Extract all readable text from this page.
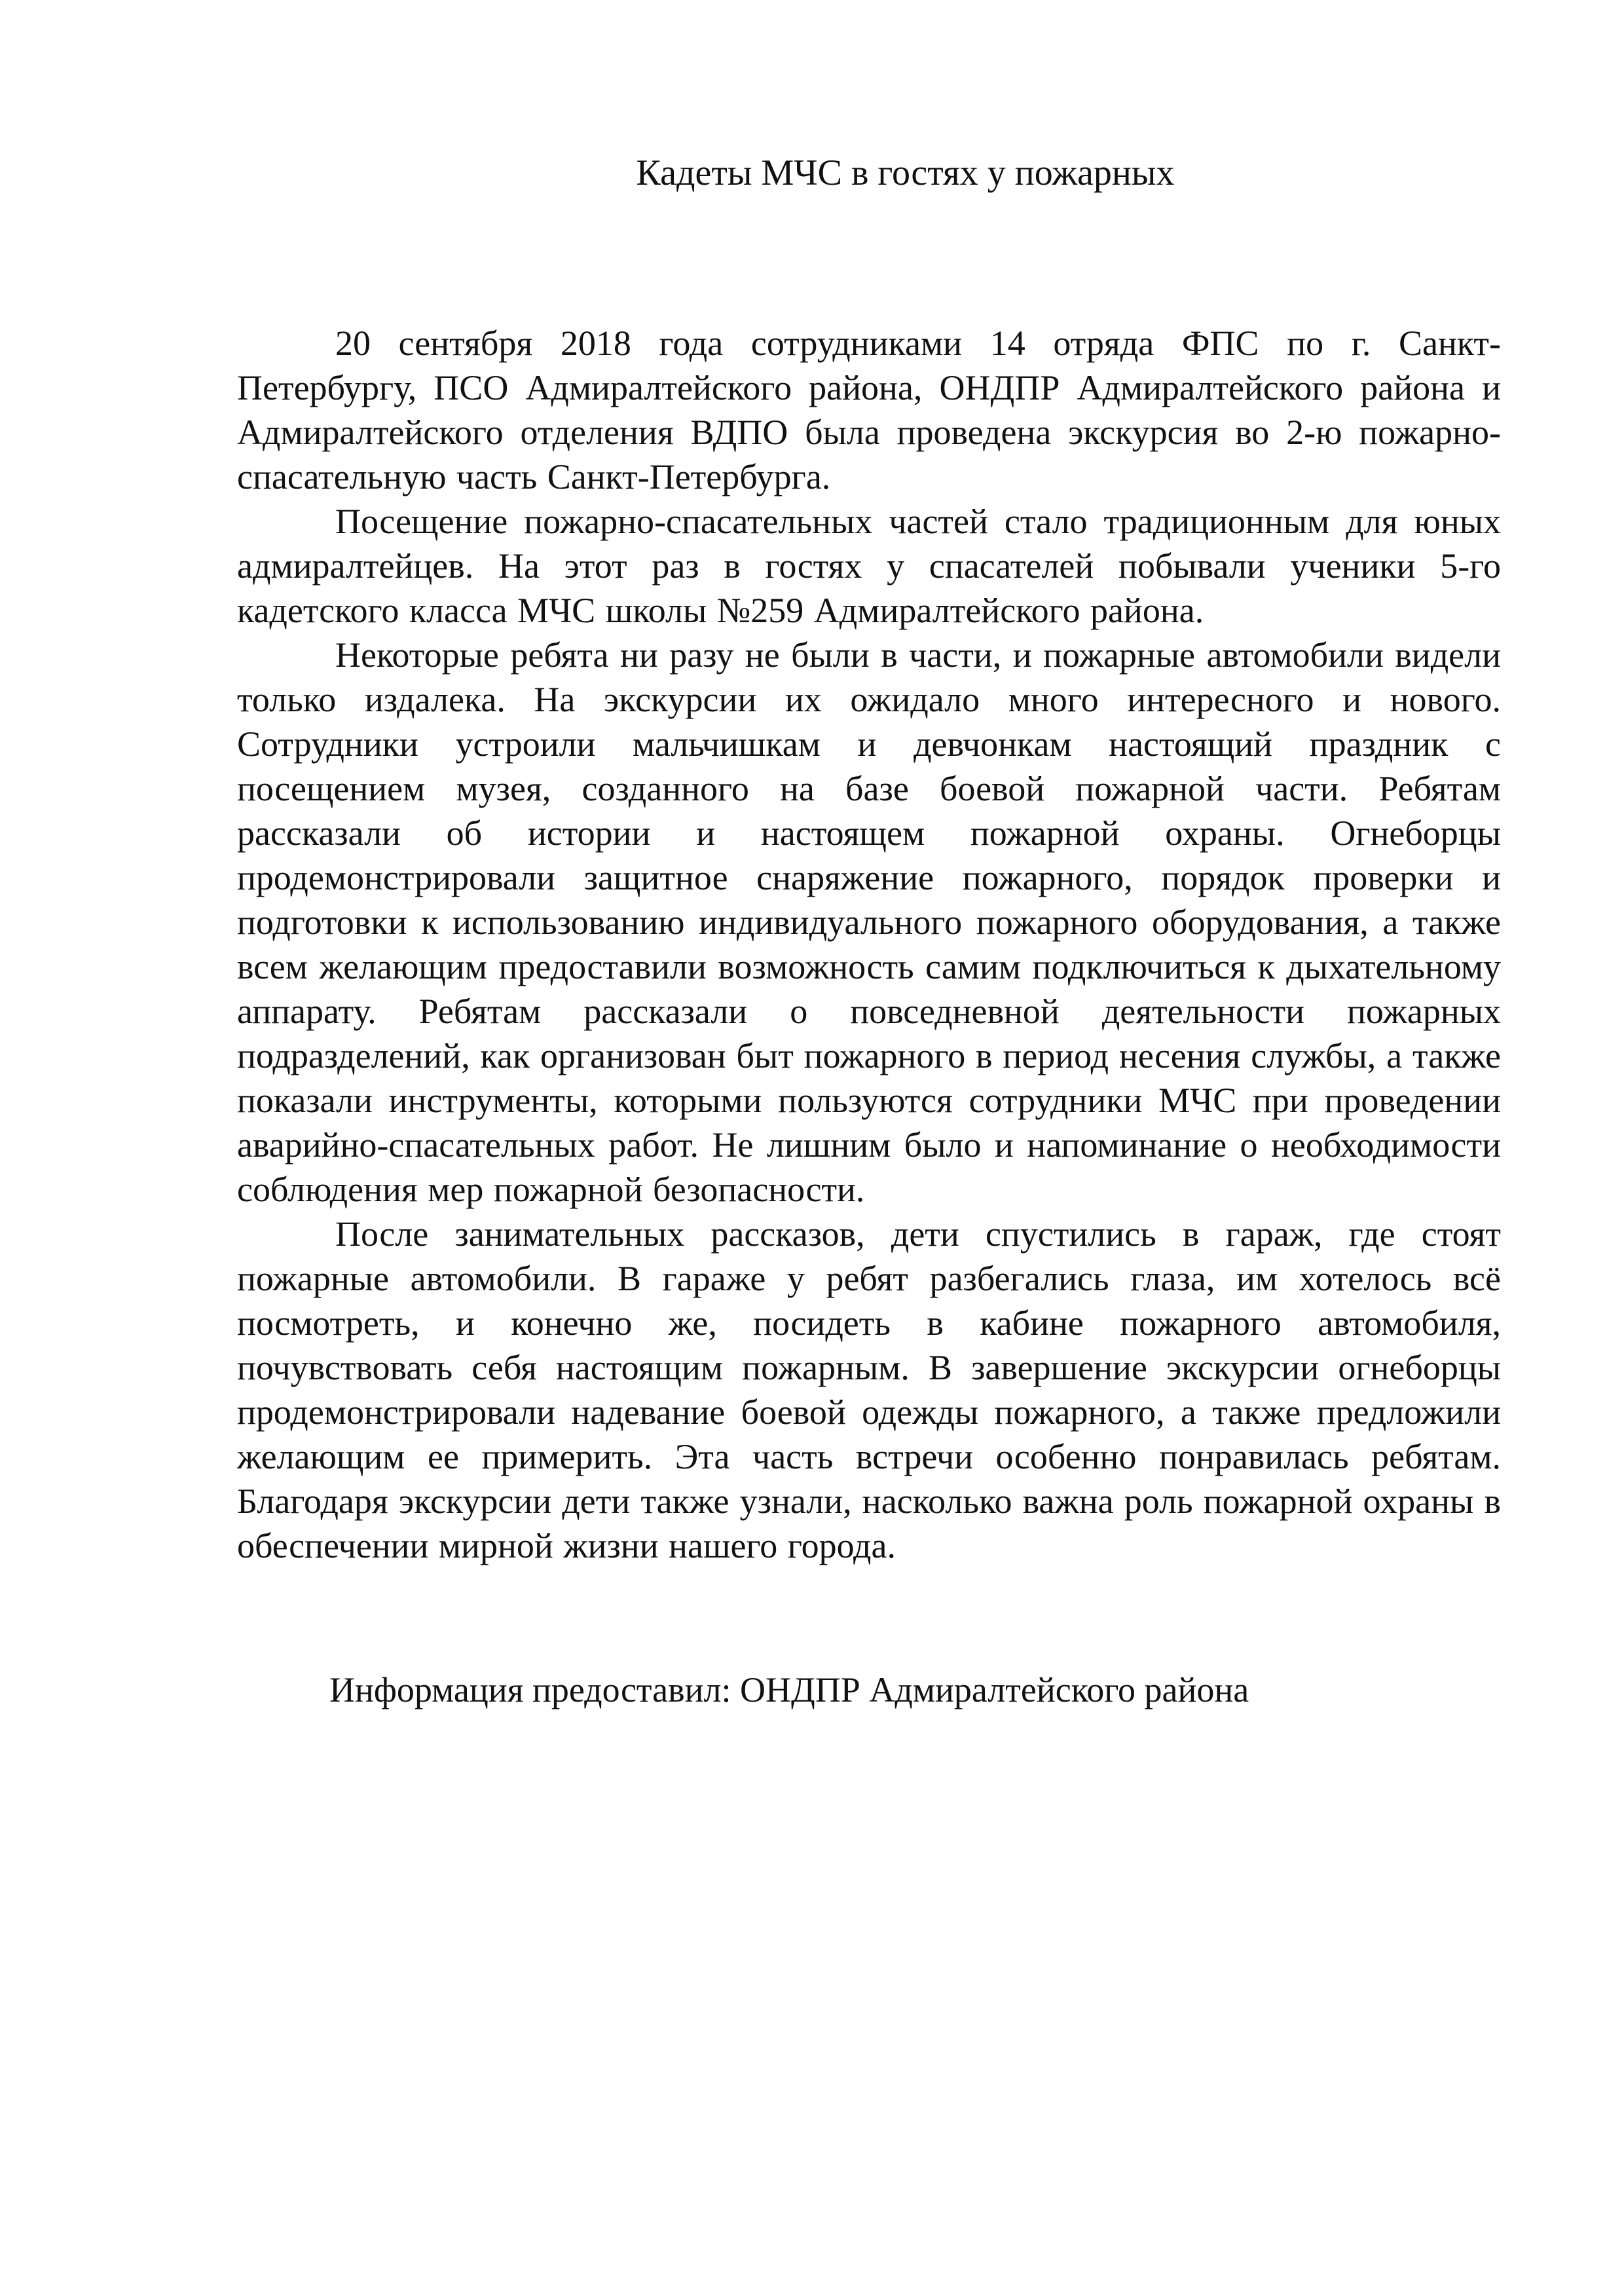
Кадеты МЧС в гостях у пожарных

20 сентября 2018 года сотрудниками 14 отряда ФПС по г. Санкт-Петербургу, ПСО Адмиралтейского района, ОНДПР Адмиралтейского района и Адмиралтейского отделения ВДПО была проведена экскурсия во 2-ю пожарно-спасательную часть Санкт-Петербурга.

Посещение пожарно-спасательных частей стало традиционным для юных адмиралтейцев. На этот раз в гостях у спасателей побывали ученики 5-го кадетского класса МЧС школы №259 Адмиралтейского района.

Некоторые ребята ни разу не были в части, и пожарные автомобили видели только издалека. На экскурсии их ожидало много интересного и нового. Сотрудники устроили мальчишкам и девчонкам настоящий праздник с посещением музея, созданного на базе боевой пожарной части. Ребятам рассказали об истории и настоящем пожарной охраны. Огнеборцы продемонстрировали защитное снаряжение пожарного, порядок проверки и подготовки к использованию индивидуального пожарного оборудования, а также всем желающим предоставили возможность самим подключиться к дыхательному аппарату. Ребятам рассказали о повседневной деятельности пожарных подразделений, как организован быт пожарного в период несения службы, а также показали инструменты, которыми пользуются сотрудники МЧС при проведении аварийно-спасательных работ. Не лишним было и напоминание о необходимости соблюдения мер пожарной безопасности.

После занимательных рассказов, дети спустились в гараж, где стоят пожарные автомобили. В гараже у ребят разбегались глаза, им хотелось всё посмотреть, и конечно же, посидеть в кабине пожарного автомобиля, почувствовать себя настоящим пожарным. В завершение экскурсии огнеборцы продемонстрировали надевание боевой одежды пожарного, а также предложили желающим ее примерить. Эта часть встречи особенно понравилась ребятам. Благодаря экскурсии дети также узнали, насколько важна роль пожарной охраны в обеспечении мирной жизни нашего города.

Информация предоставил: ОНДПР Адмиралтейского района
